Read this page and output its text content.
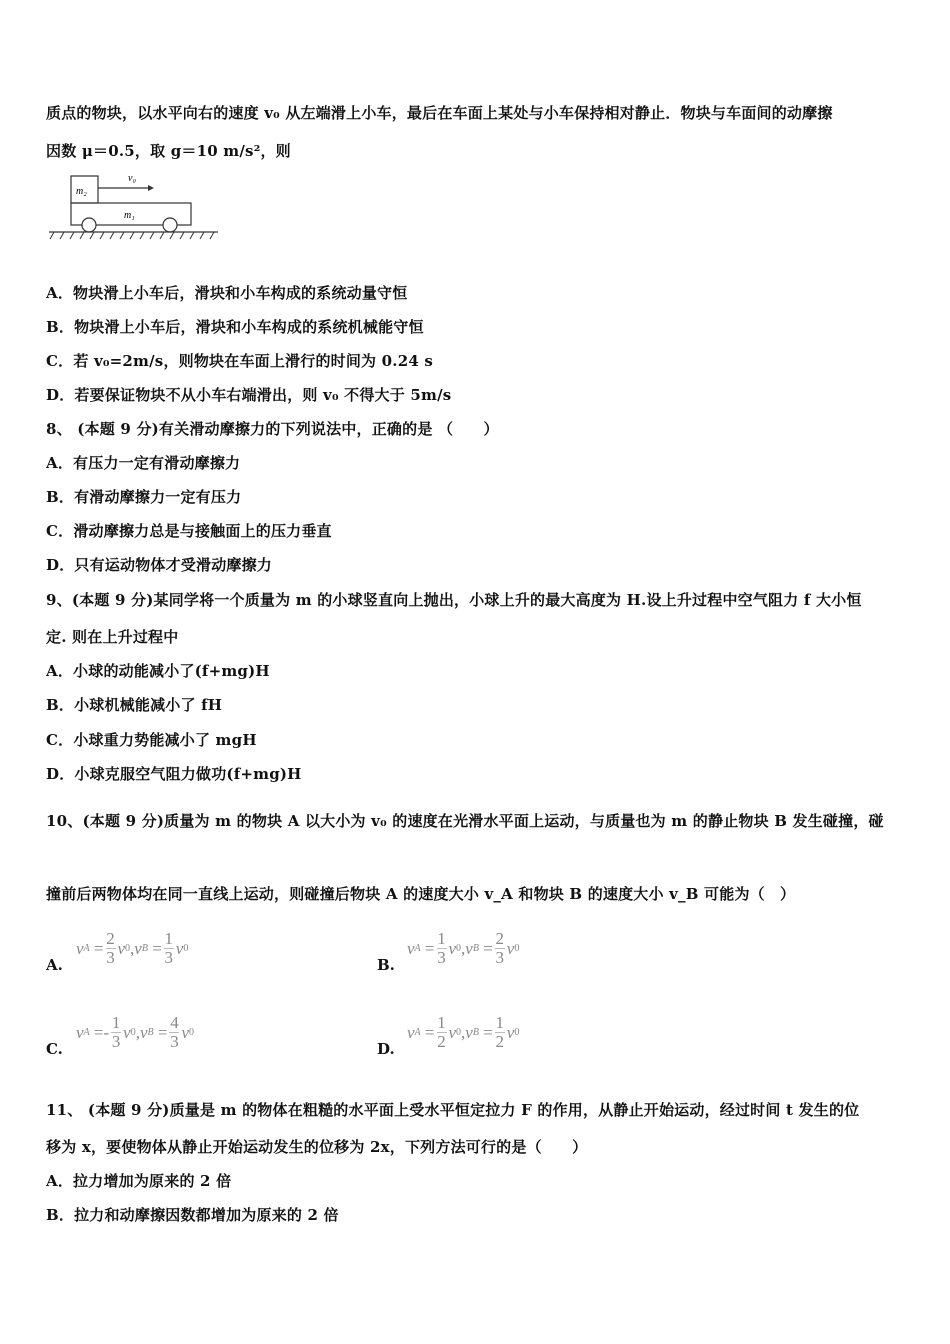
质点的物块，以水平向右的速度 v₀ 从左端滑上小车，最后在车面上某处与小车保持相对静止．物块与车面间的动摩擦
因数 μ＝0.5，取 g＝10 m/s²，则
m₂
m₁
v₀
A．物块滑上小车后，滑块和小车构成的系统动量守恒
B．物块滑上小车后，滑块和小车构成的系统机械能守恒
C．若 v₀=2m/s，则物块在车面上滑行的时间为 0.24 s
D．若要保证物块不从小车右端滑出，则 v₀ 不得大于 5m/s
8、 (本题 9 分)有关滑动摩擦力的下列说法中，正确的是 （　　）
A．有压力一定有滑动摩擦力
B．有滑动摩擦力一定有压力
C．滑动摩擦力总是与接触面上的压力垂直
D．只有运动物体才受滑动摩擦力
9、(本题 9 分)某同学将一个质量为 m 的小球竖直向上抛出，小球上升的最大高度为 H.设上升过程中空气阻力 f 大小恒
定. 则在上升过程中
A．小球的动能减小了(f+mg)H
B．小球机械能减小了 fH
C．小球重力势能减小了 mgH
D．小球克服空气阻力做功(f+mg)H
10、(本题 9 分)质量为 m 的物块 A 以大小为 v₀ 的速度在光滑水平面上运动，与质量也为 m 的静止物块 B 发生碰撞，碰
撞前后两物体均在同一直线上运动，则碰撞后物块 A 的速度大小 v_A 和物块 B 的速度大小 v_B 可能为（　）
A.
v $A = \frac{2}{3}$ v 0 , v $B = \frac{1}{3}$ v 0
B.
v $A = \frac{1}{3}$ v 0 , v $B = \frac{2}{3}$ v 0
C.
v A = - $\frac{1}{3}$ v 0 , v $B = \frac{4}{3}$ v 0
D.
v $A = \frac{1}{2}$ v 0 , v $B = \frac{1}{2}$ v 0
11、 (本题 9 分)质量是 m 的物体在粗糙的水平面上受水平恒定拉力 F 的作用，从静止开始运动，经过时间 t 发生的位
移为 x，要使物体从静止开始运动发生的位移为 2x，下列方法可行的是（　　）
A．拉力增加为原来的 2 倍
B．拉力和动摩擦因数都增加为原来的 2 倍
